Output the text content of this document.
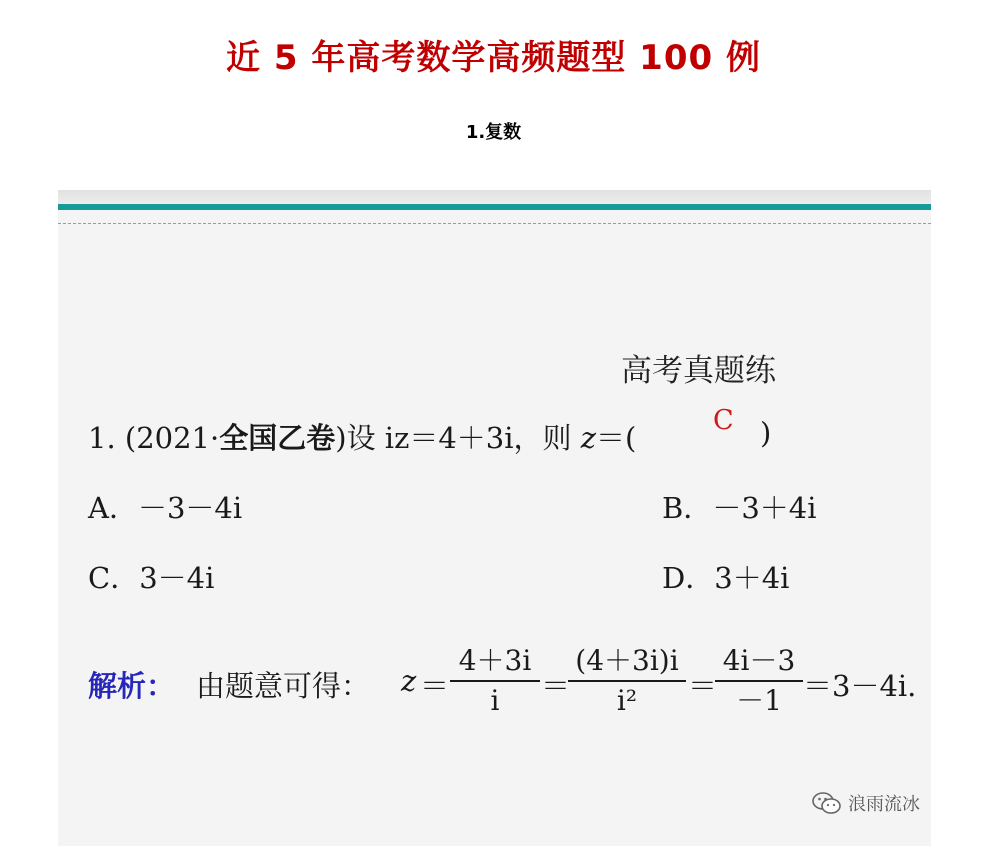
近 5 年高考数学高频题型 100 例
1.复数
高考真题练
1. (2021·全国乙卷)设 iz＝4＋3i，则 z＝(
C )
A．－3－4i	B．－3＋4i
C．3－4i	D．3＋4i
解析： 由题意可得： z ＝
4＋3i
i	＝
(4＋3i)i
i²	＝
4i－3
－1 ＝3－4i.
浪雨流冰
